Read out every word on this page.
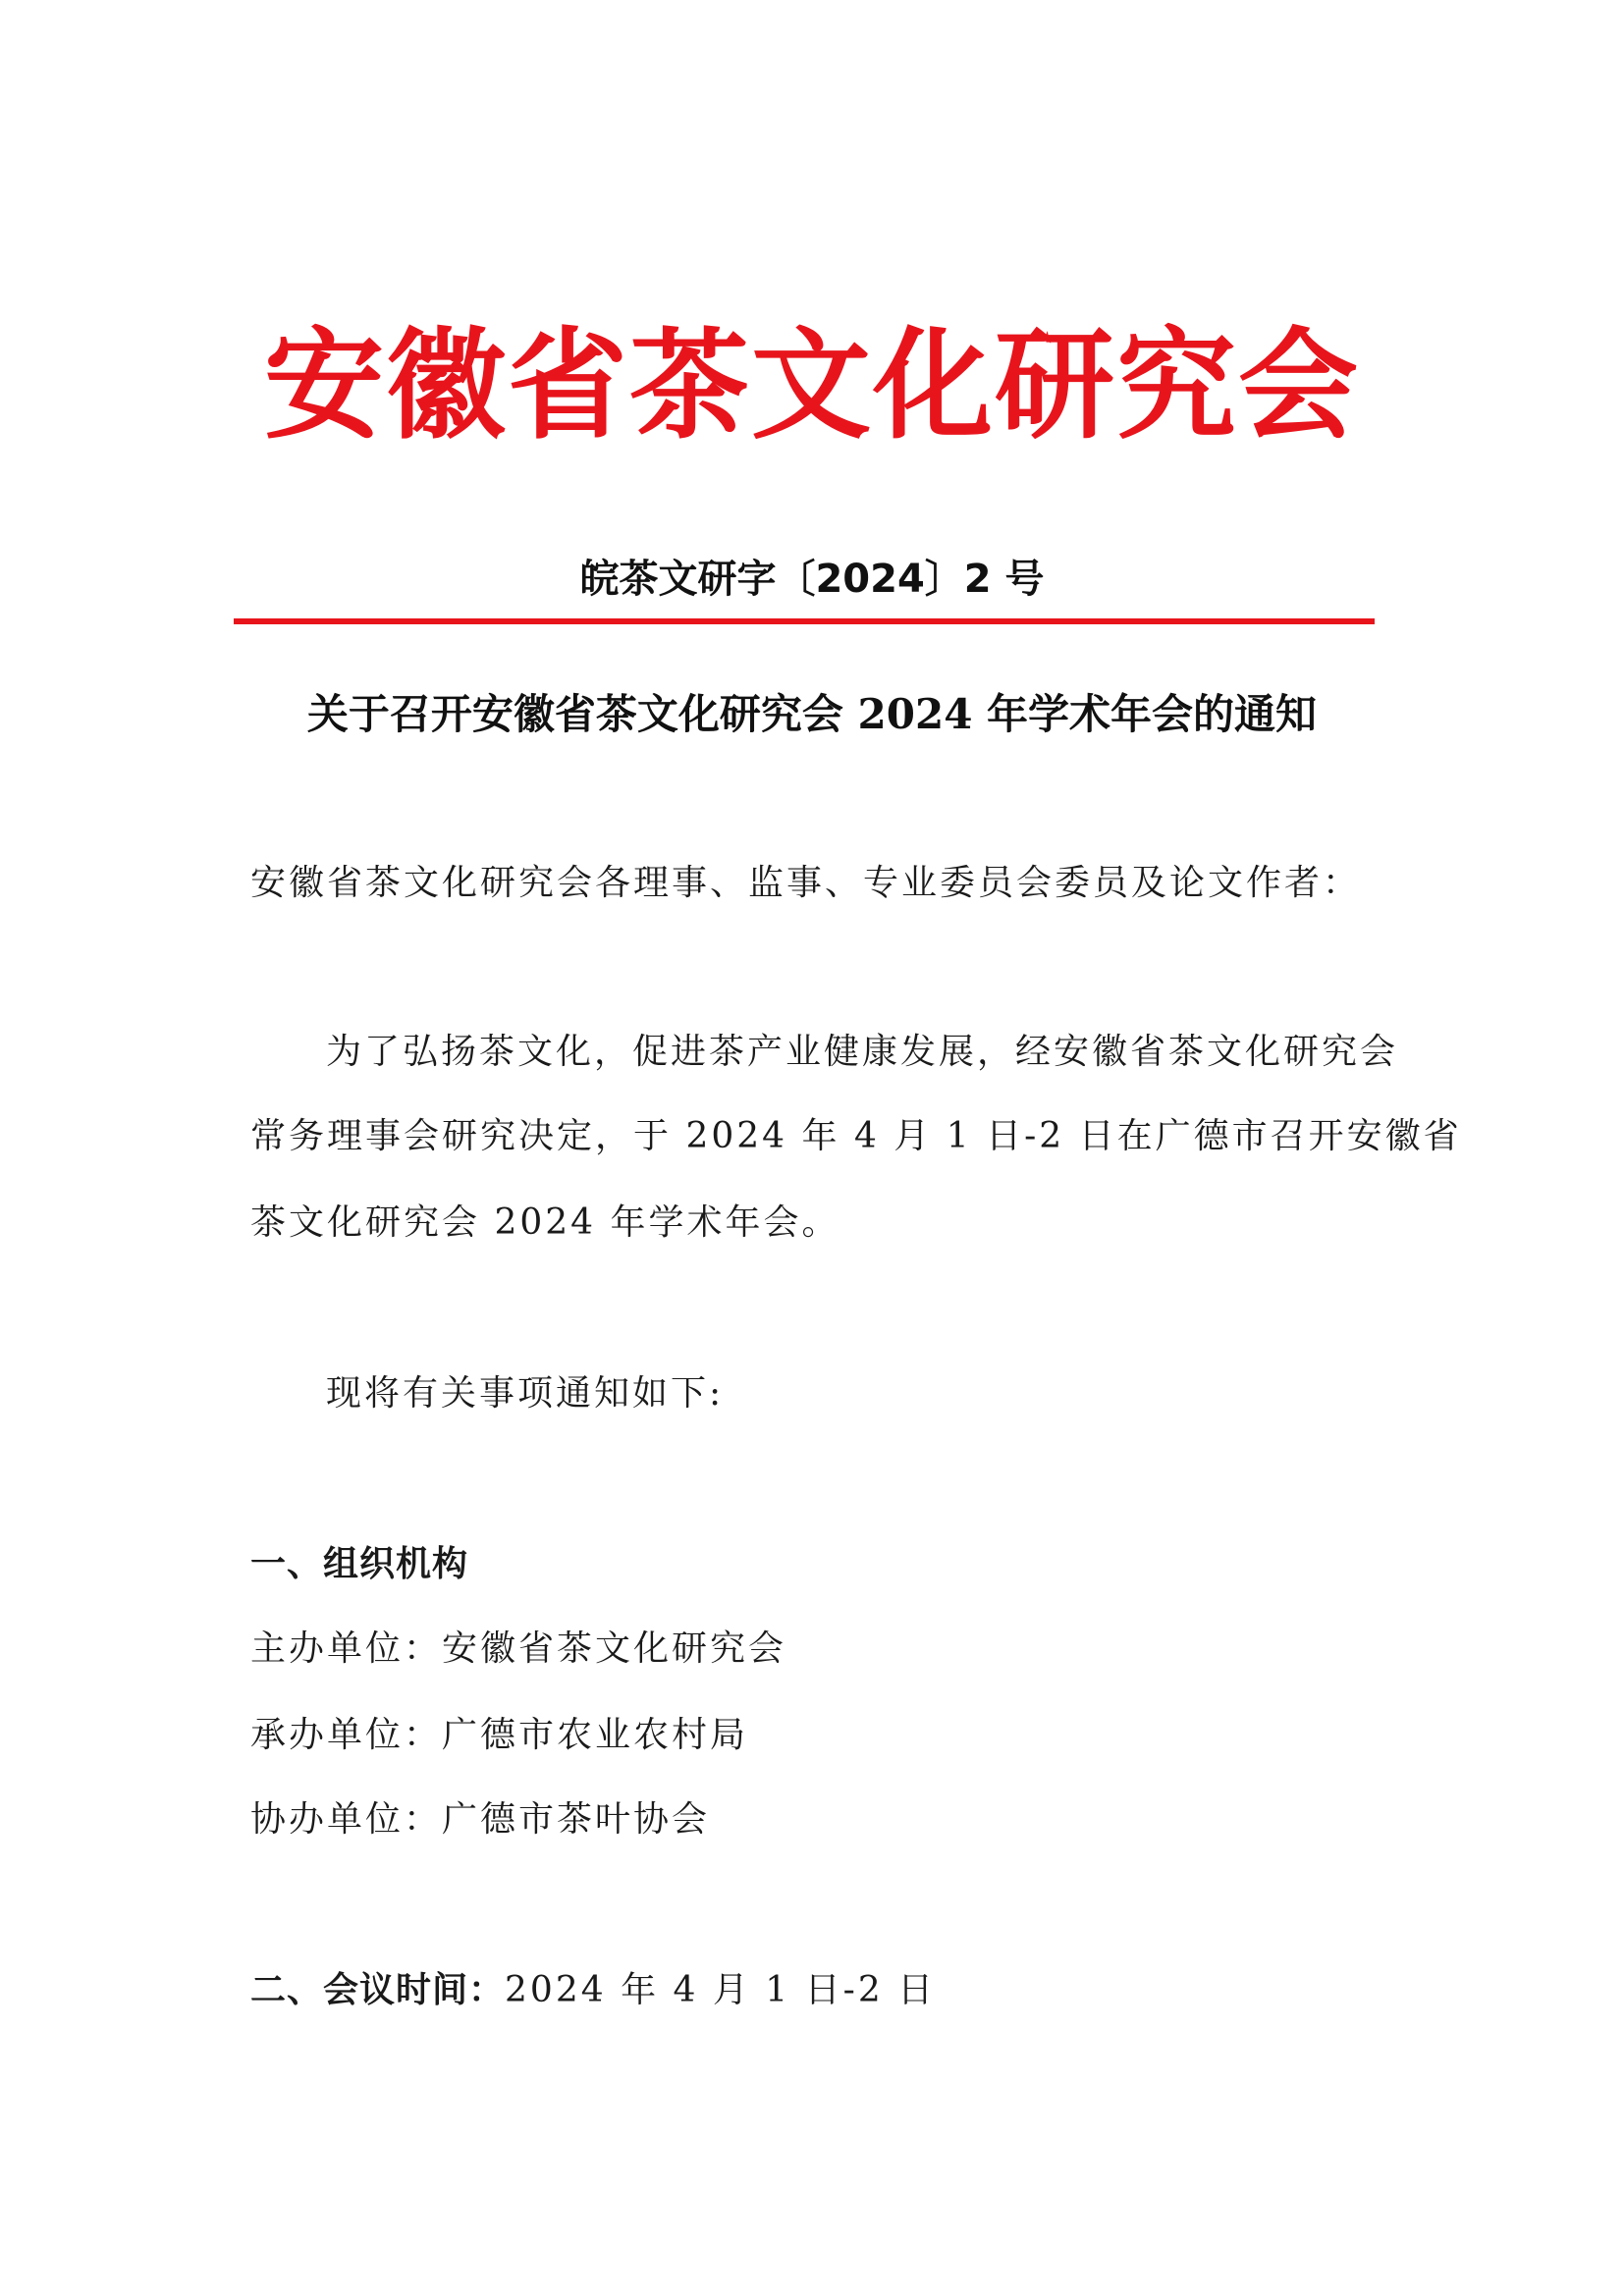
安徽省茶文化研究会
皖茶文研字〔2024〕2 号
关于召开安徽省茶文化研究会 2024 年学术年会的通知
安徽省茶文化研究会各理事、监事、专业委员会委员及论文作者：
为了弘扬茶文化，促进茶产业健康发展，经安徽省茶文化研究会
常务理事会研究决定，于 2024 年 4 月 1 日-2 日在广德市召开安徽省
茶文化研究会 2024 年学术年会。
现将有关事项通知如下:
一、组织机构
主办单位：安徽省茶文化研究会
承办单位：广德市农业农村局
协办单位：广德市茶叶协会
二、会议时间：2024 年 4 月 1 日-2 日
